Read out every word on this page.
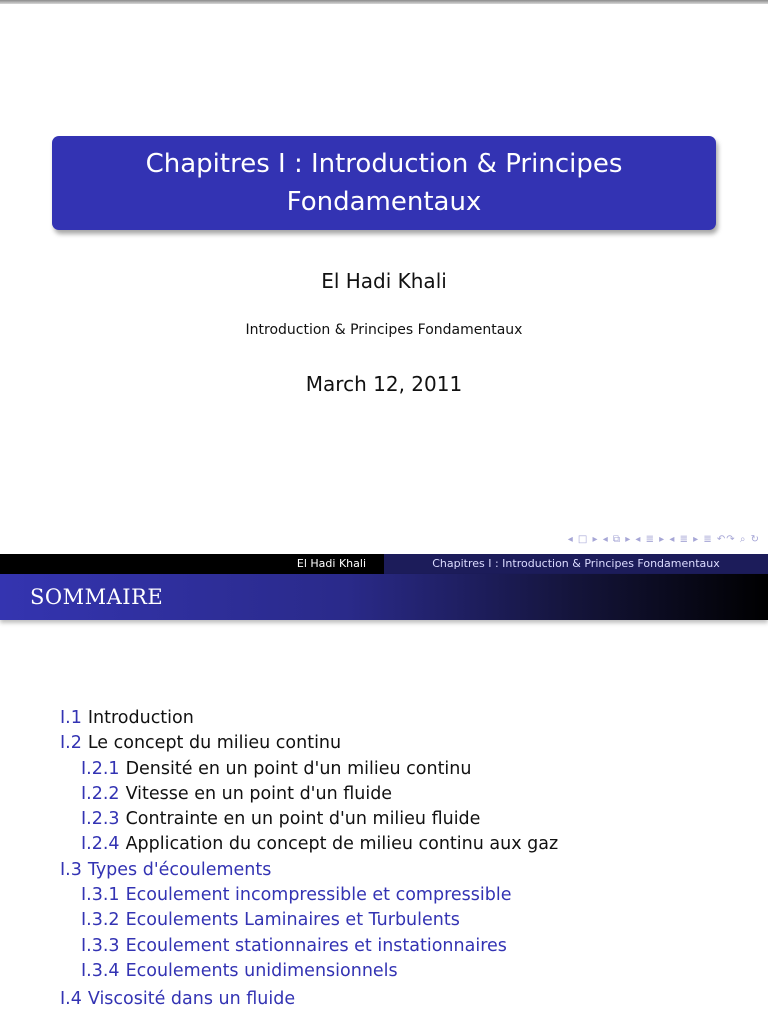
Chapitres I : Introduction & Principes Fondamentaux
El Hadi Khali
Introduction & Principes Fondamentaux
March 12, 2011
◂ □ ▸ ◂ ⧉ ▸ ◂ ≣ ▸ ◂ ≣ ▸ ≣ ↶↷ ⌕ ↻
El Hadi Khali	Chapitres I : Introduction & Principes Fondamentaux
SOMMAIRE
I.1 Introduction
I.2 Le concept du milieu continu
I.2.1 Densité en un point d'un milieu continu
I.2.2 Vitesse en un point d'un fluide
I.2.3 Contrainte en un point d'un milieu fluide
I.2.4 Application du concept de milieu continu aux gaz
I.3 Types d'écoulements
I.3.1 Ecoulement incompressible et compressible
I.3.2 Ecoulements Laminaires et Turbulents
I.3.3 Ecoulement stationnaires et instationnaires
I.3.4 Ecoulements unidimensionnels
I.4 Viscosité dans un fluide
